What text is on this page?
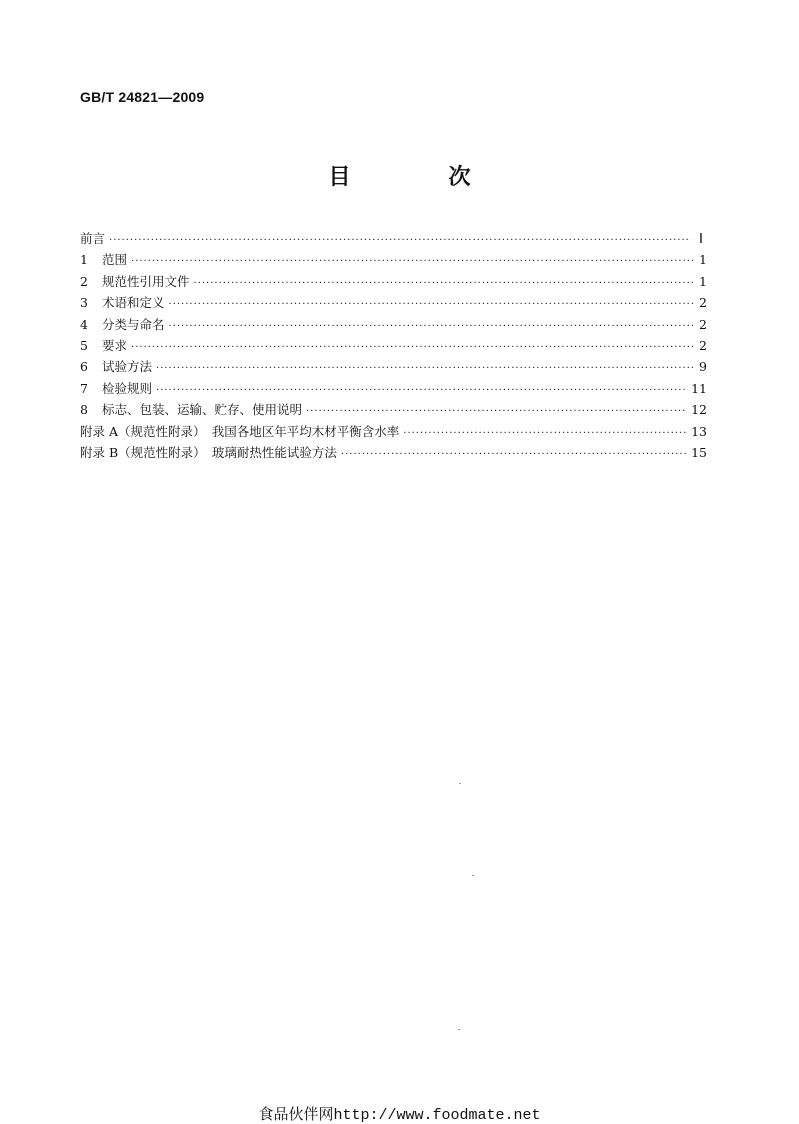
GB/T 24821—2009
目　次
前言 ·····	Ⅰ
1	范围 ·····	1
2	规范性引用文件 ·····	1
3	术语和定义 ·····	2
4	分类与命名 ·····	2
5	要求 ·····	2
6	试验方法 ·····	9
7	检验规则 ·····	11
8	标志、包装、运输、贮存、使用说明 ·····	12
附录 A（规范性附录）　我国各地区年平均木材平衡含水率 ·····	13
附录 B（规范性附录）　玻璃耐热性能试验方法 ·····	15
食品伙伴网http://www.foodmate.net
